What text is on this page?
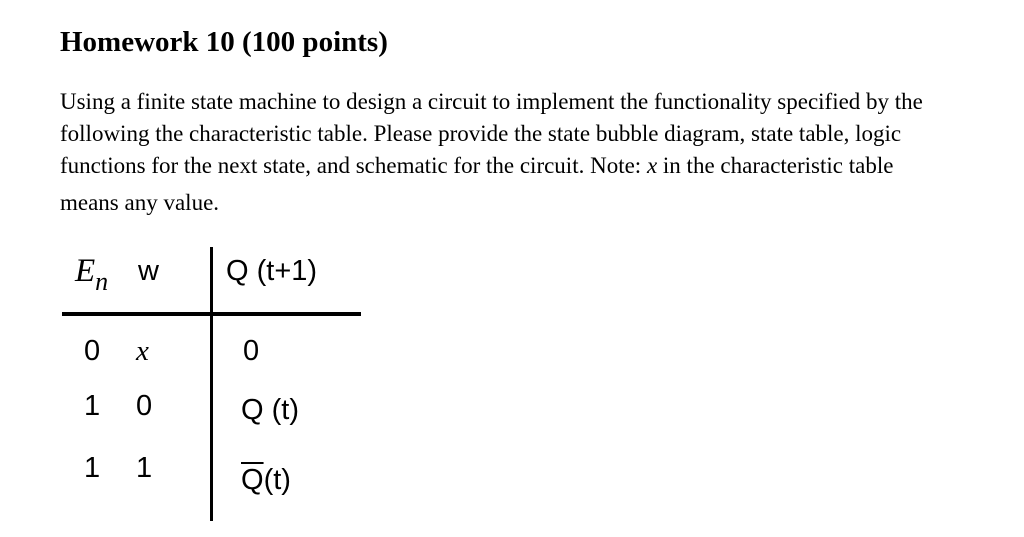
Homework 10 (100 points)
Using a finite state machine to design a circuit to implement the functionality specified by the
following the characteristic table. Please provide the state bubble diagram, state table, logic
functions for the next state, and schematic for the circuit. Note: x in the characteristic table
means any value.
$E_n$ w Q (t+1)
0 x	0
1 0	Q (t)
1 1	$\overline{Q}(t)$
